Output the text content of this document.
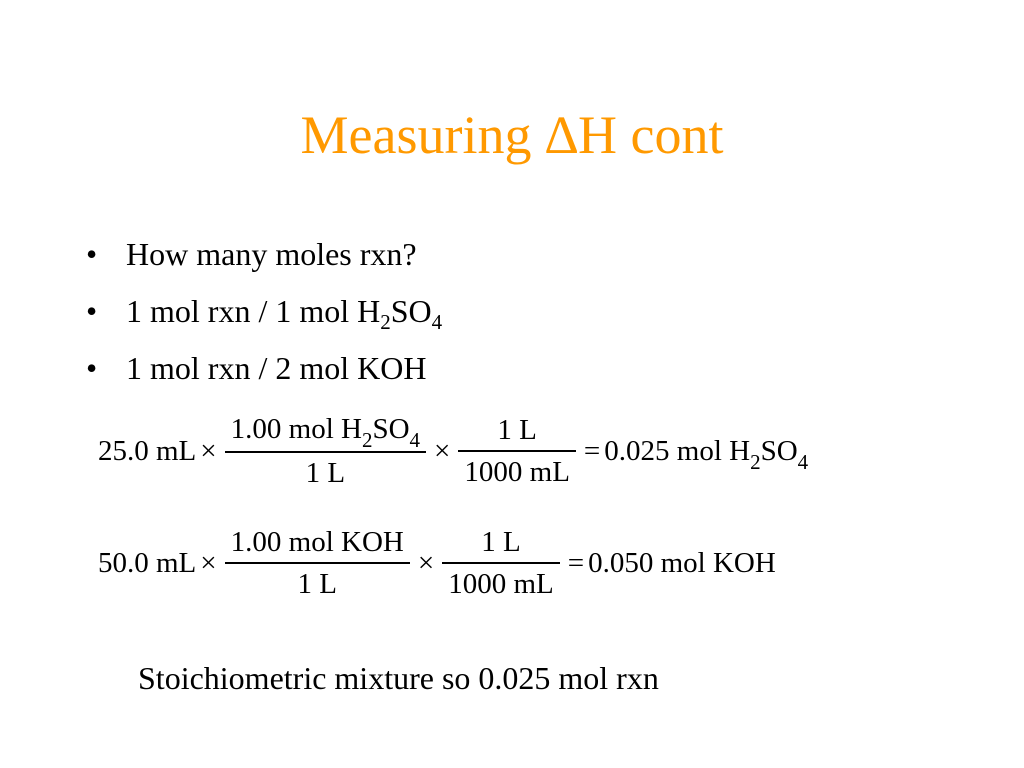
Measuring ∆H cont
• How many moles rxn?
• 1 mol rxn / 1 mol $H_2SO_4$
• 1 mol rxn / 2 mol KOH
25.0 mL × $\frac{1.00 mol H_2SO_4}{1 L} \times \frac{1 L}{1000 mL} = 0.025$ mol $H_2SO_4$
50.0 mL × $\frac{\text{1.00 mol KOH}}{1 L} \times \frac{1 L}{1000 mL} = 0.050$ mol KOH
Stoichiometric mixture so 0.025 mol rxn
